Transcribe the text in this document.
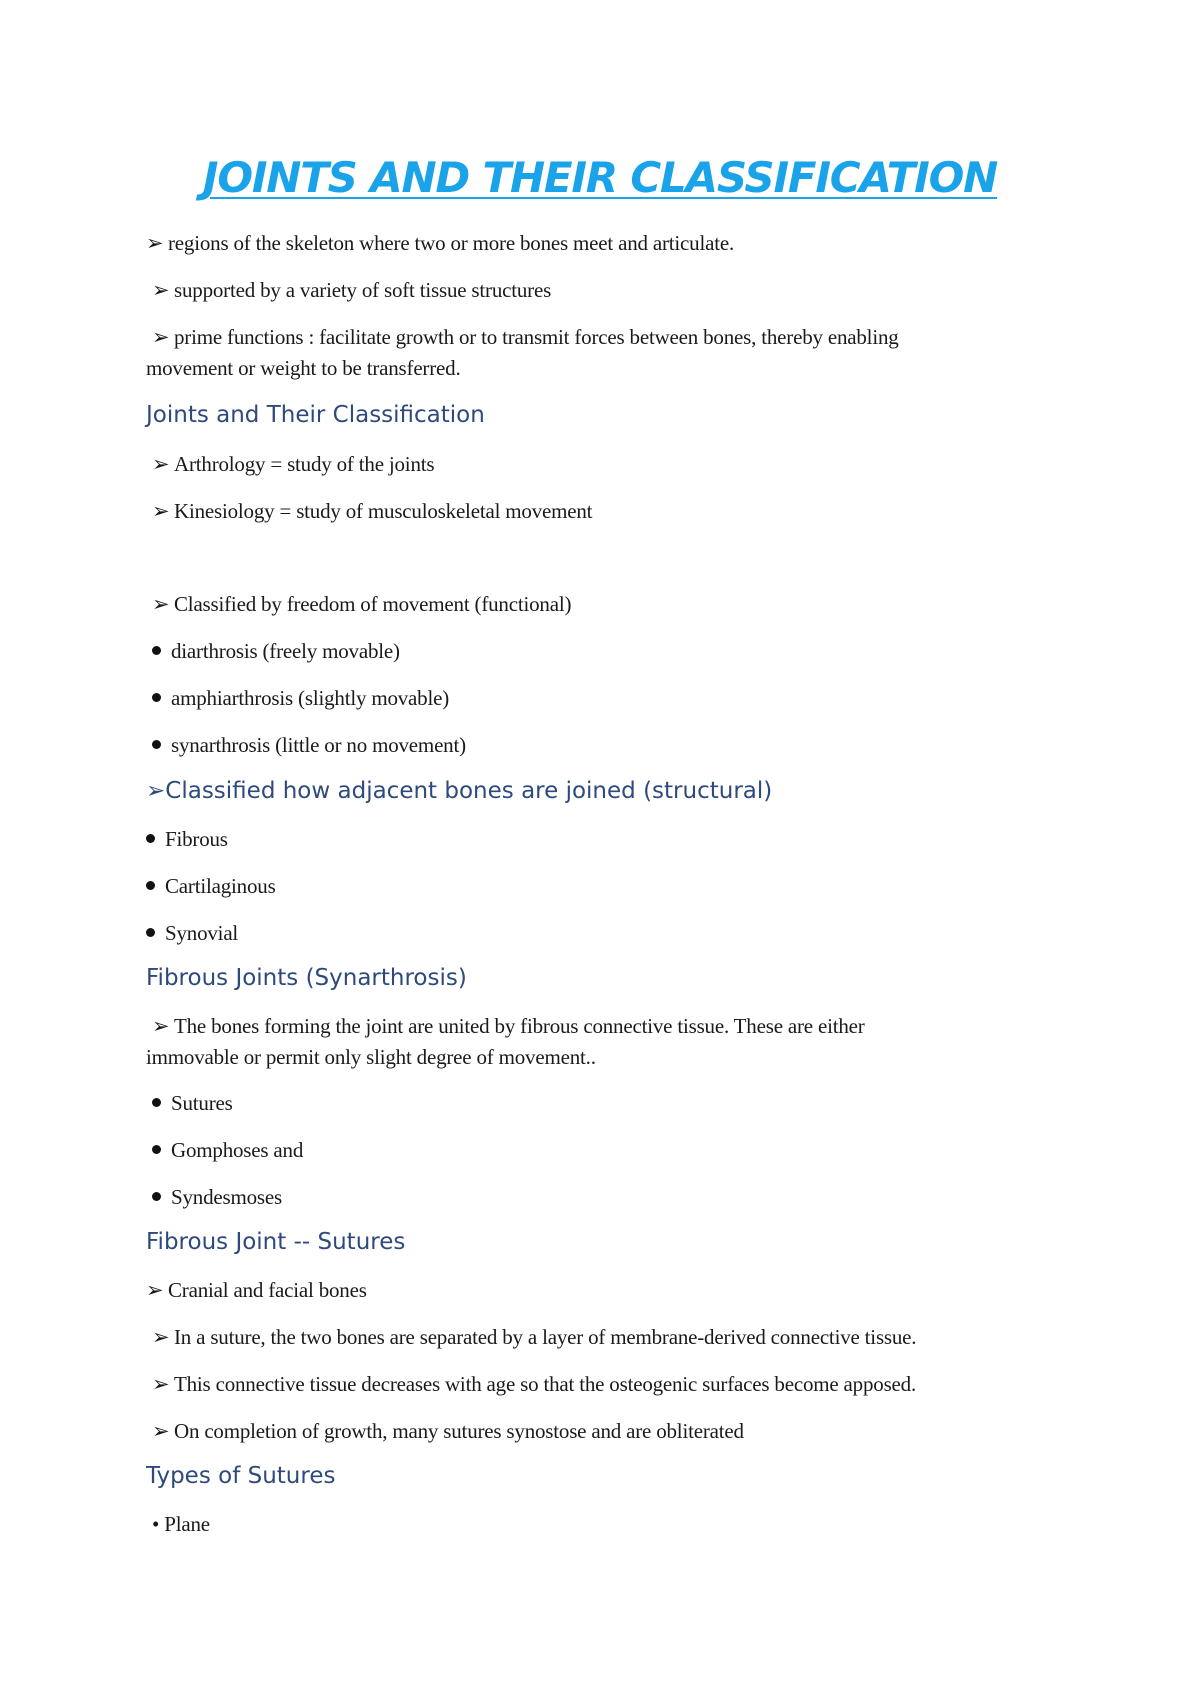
JOINTS AND THEIR CLASSIFICATION
➢ regions of the skeleton where two or more bones meet and articulate.
➢ supported by a variety of soft tissue structures
➢ prime functions : facilitate growth or to transmit forces between bones, thereby enabling
movement or weight to be transferred.
Joints and Their Classification
➢ Arthrology = study of the joints
➢ Kinesiology = study of musculoskeletal movement
➢ Classified by freedom of movement (functional)
diarthrosis (freely movable)
amphiarthrosis (slightly movable)
synarthrosis (little or no movement)
➢Classified how adjacent bones are joined (structural)
Fibrous
Cartilaginous
Synovial
Fibrous Joints (Synarthrosis)
➢ The bones forming the joint are united by fibrous connective tissue. These are either
immovable or permit only slight degree of movement..
Sutures
Gomphoses and
Syndesmoses
Fibrous Joint -- Sutures
➢ Cranial and facial bones
➢ In a suture, the two bones are separated by a layer of membrane-derived connective tissue.
➢ This connective tissue decreases with age so that the osteogenic surfaces become apposed.
➢ On completion of growth, many sutures synostose and are obliterated
Types of Sutures
• Plane
